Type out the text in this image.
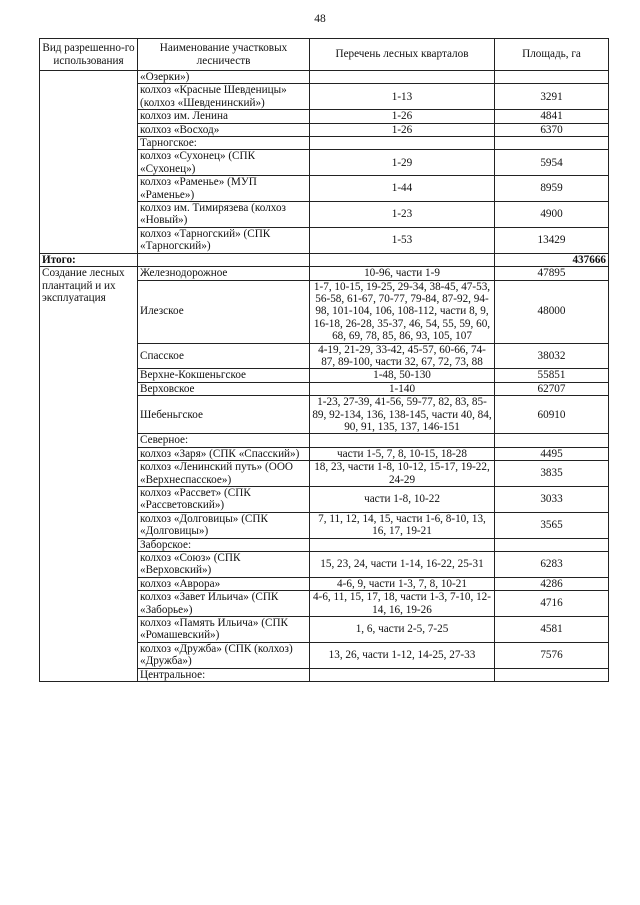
48
Вид разрешенно-го использования	Наименование участковых лесничеств	Перечень лесных кварталов	Площадь, га
	«Озерки»)		
	колхоз «Красные Шевденицы» (колхоз «Шевденинский»)	1-13	3291
	колхоз им. Ленина	1-26	4841
	колхоз «Восход»	1-26	6370
	Тарногское:		
	колхоз «Сухонец» (СПК «Сухонец»)	1-29	5954
	колхоз «Раменье» (МУП «Раменье»)	1-44	8959
	колхоз им. Тимирязева (колхоз «Новый»)	1-23	4900
	колхоз «Тарногский» (СПК «Тарногский»)	1-53	13429
Итого:			437666
Создание лесных плантаций и их эксплуатация	Железнодорожное	10-96, части 1-9	47895
	Илезское	1-7, 10-15, 19-25, 29-34, 38-45, 47-53, 56-58, 61-67, 70-77, 79-84, 87-92, 94-98, 101-104, 106, 108-112, части 8, 9, 16-18, 26-28, 35-37, 46, 54, 55, 59, 60, 68, 69, 78, 85, 86, 93, 105, 107	48000
	Спасское	4-19, 21-29, 33-42, 45-57, 60-66, 74-87, 89-100, части 32, 67, 72, 73, 88	38032
	Верхне-Кокшеньгское	1-48, 50-130	55851
	Верховское	1-140	62707
	Шебеньгское	1-23, 27-39, 41-56, 59-77, 82, 83, 85-89, 92-134, 136, 138-145, части 40, 84, 90, 91, 135, 137, 146-151	60910
	Северное:		
	колхоз «Заря» (СПК «Спасский»)	части 1-5, 7, 8, 10-15, 18-28	4495
	колхоз «Ленинский путь» (ООО «Верхнеспасское»)	18, 23, части 1-8, 10-12, 15-17, 19-22, 24-29	3835
	колхоз «Рассвет» (СПК «Рассветовский»)	части 1-8, 10-22	3033
	колхоз «Долговицы» (СПК «Долговицы»)	7, 11, 12, 14, 15, части 1-6, 8-10, 13, 16, 17, 19-21	3565
	Заборское:		
	колхоз «Союз» (СПК «Верховский»)	15, 23, 24, части 1-14, 16-22, 25-31	6283
	колхоз «Аврора»	4-6, 9, части 1-3, 7, 8, 10-21	4286
	колхоз «Завет Ильича» (СПК «Заборье»)	4-6, 11, 15, 17, 18, части 1-3, 7-10, 12-14, 16, 19-26	4716
	колхоз «Память Ильича» (СПК «Ромашевский»)	1, 6, части 2-5, 7-25	4581
	колхоз «Дружба» (СПК (колхоз) «Дружба»)	13, 26, части 1-12, 14-25, 27-33	7576
	Центральное:		
